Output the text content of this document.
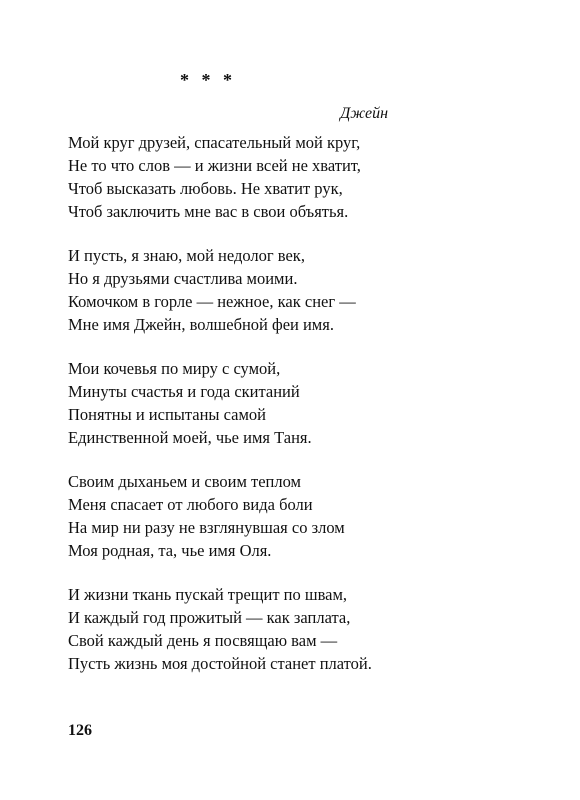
* * *
Джейн
Мой круг друзей, спасательный мой круг,
Не то что слов — и жизни всей не хватит,
Чтоб высказать любовь. Не хватит рук,
Чтоб заключить мне вас в свои объятья.
И пусть, я знаю, мой недолог век,
Но я друзьями счастлива моими.
Комочком в горле — нежное, как снег —
Мне имя Джейн, волшебной феи имя.
Мои кочевья по миру с сумой,
Минуты счастья и года скитаний
Понятны и испытаны самой
Единственной моей, чье имя Таня.
Своим дыханьем и своим теплом
Меня спасает от любого вида боли
На мир ни разу не взглянувшая со злом
Моя родная, та, чье имя Оля.
И жизни ткань пускай трещит по швам,
И каждый год прожитый — как заплата,
Свой каждый день я посвящаю вам —
Пусть жизнь моя достойной станет платой.
126
